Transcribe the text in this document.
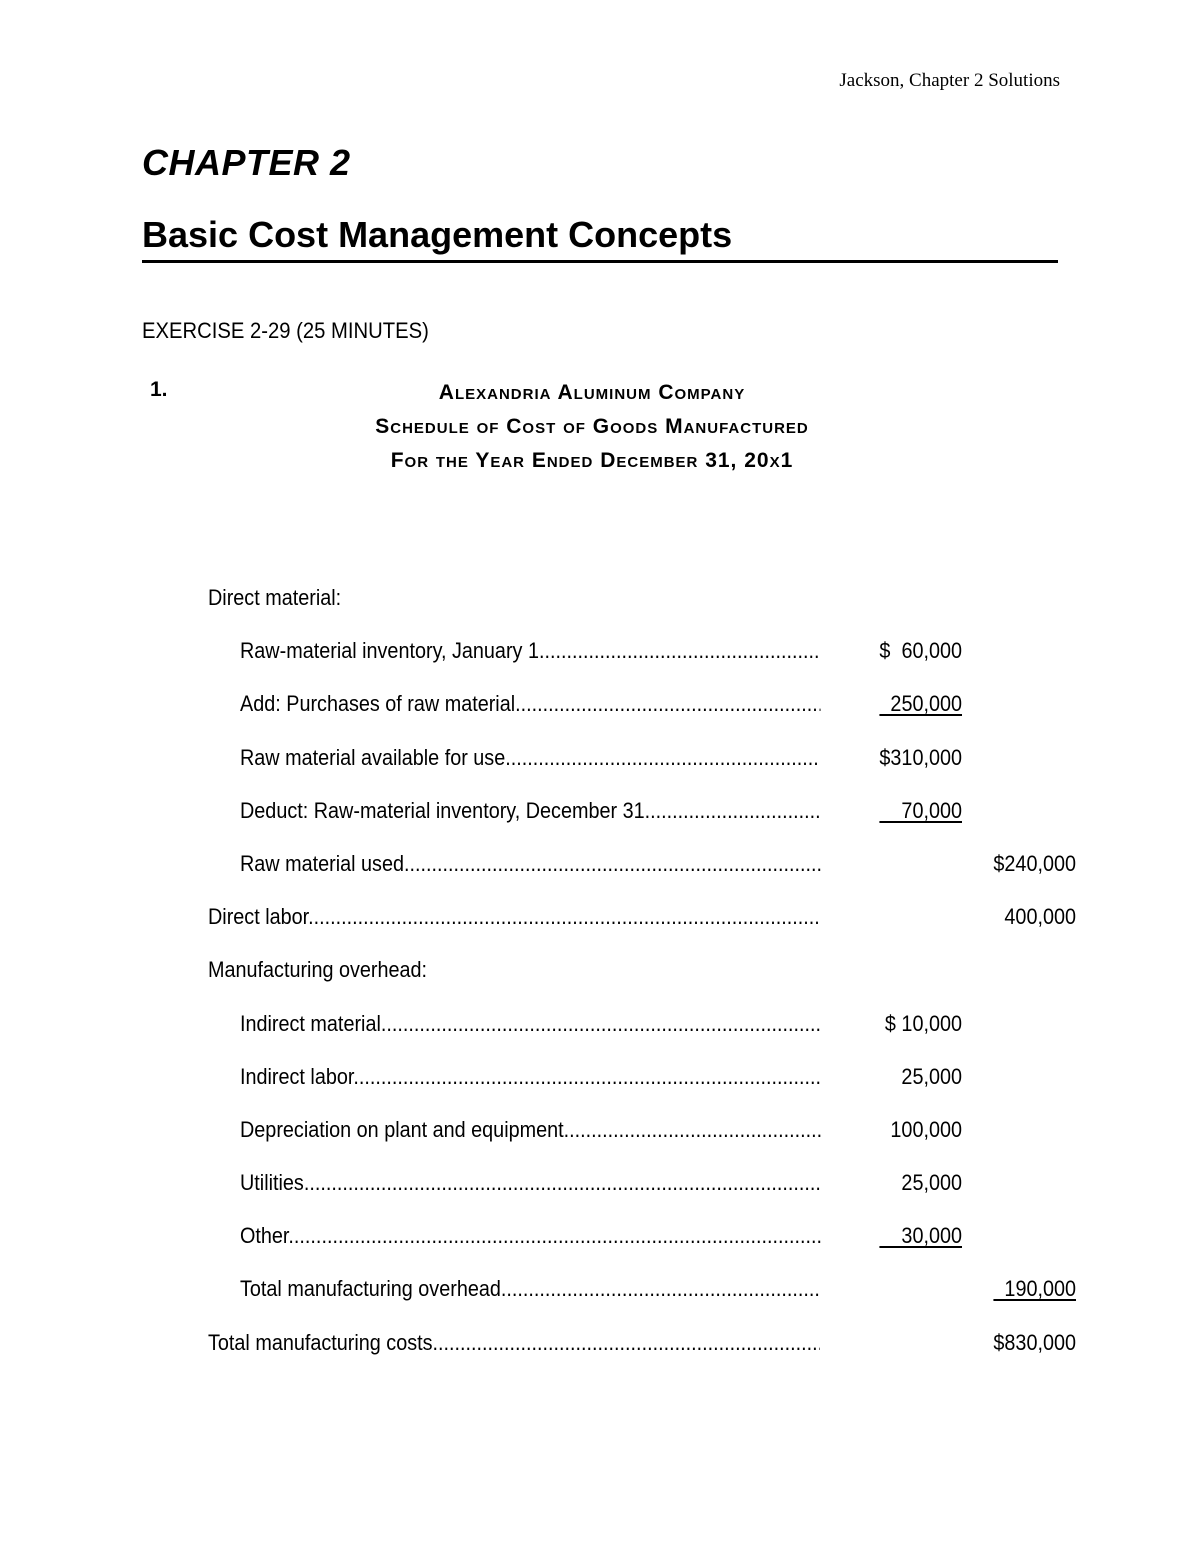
Jackson, Chapter 2 Solutions
CHAPTER 2
Basic Cost Management Concepts
EXERCISE 2-29 (25 MINUTES)
1.	Alexandria Aluminum Company
Schedule of Cost of Goods Manufactured
For the Year Ended December 31, 20x1
Direct material:
Raw-material inventory, January 1 .....	$  60,000
Add: Purchases of raw material .....	250,000
Raw material available for use .....	$310,000
Deduct: Raw-material inventory, December 31 .....	70,000
Raw material used .....	$240,000
Direct labor .....	400,000
Manufacturing overhead:
Indirect material .....	$ 10,000
Indirect labor .....	25,000
Depreciation on plant and equipment .....	100,000
Utilities .....	25,000
Other .....	30,000
Total manufacturing overhead .....	190,000
Total manufacturing costs .....	$830,000
